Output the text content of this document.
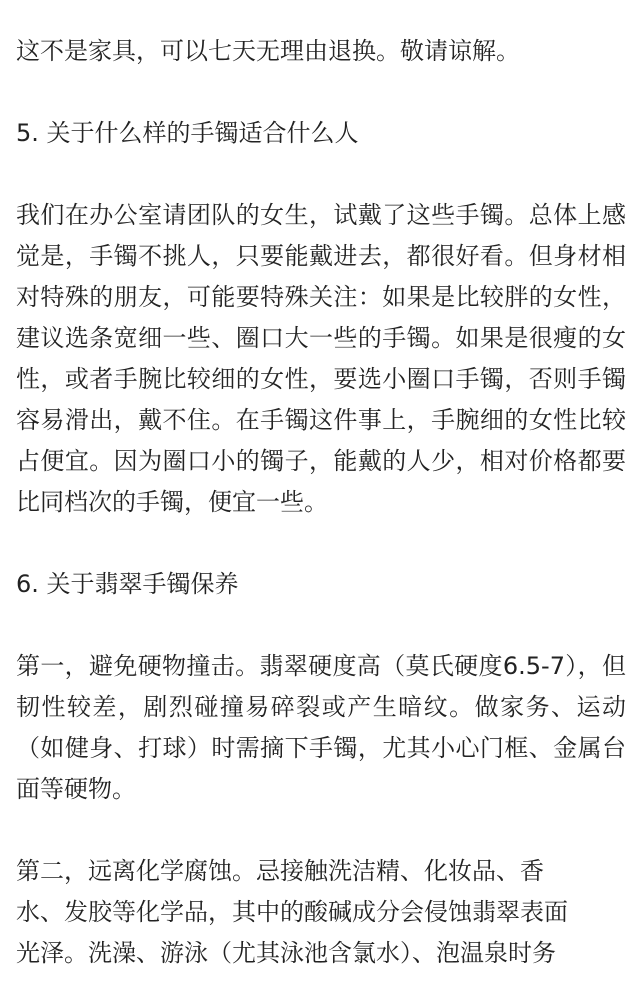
这不是家具，可以七天无理由退换。敬请谅解。

5. 关于什么样的手镯适合什么人

我们在办公室请团队的女生，试戴了这些手镯。总体上感觉是，手镯不挑人，只要能戴进去，都很好看。但身材相对特殊的朋友，可能要特殊关注：如果是比较胖的女性，建议选条宽细一些、圈口大一些的手镯。如果是很瘦的女性，或者手腕比较细的女性，要选小圈口手镯，否则手镯容易滑出，戴不住。在手镯这件事上，手腕细的女性比较占便宜。因为圈口小的镯子，能戴的人少，相对价格都要比同档次的手镯，便宜一些。

6. 关于翡翠手镯保养

第一，避免硬物撞击。翡翠硬度高（莫氏硬度6.5-7），但韧性较差，剧烈碰撞易碎裂或产生暗纹。做家务、运动（如健身、打球）时需摘下手镯，尤其小心门框、金属台面等硬物。

第二，远离化学腐蚀。忌接触洗洁精、化妆品、香

水、发胶等化学品，其中的酸碱成分会侵蚀翡翠表面

光泽。洗澡、游泳（尤其泳池含氯水）、泡温泉时务
